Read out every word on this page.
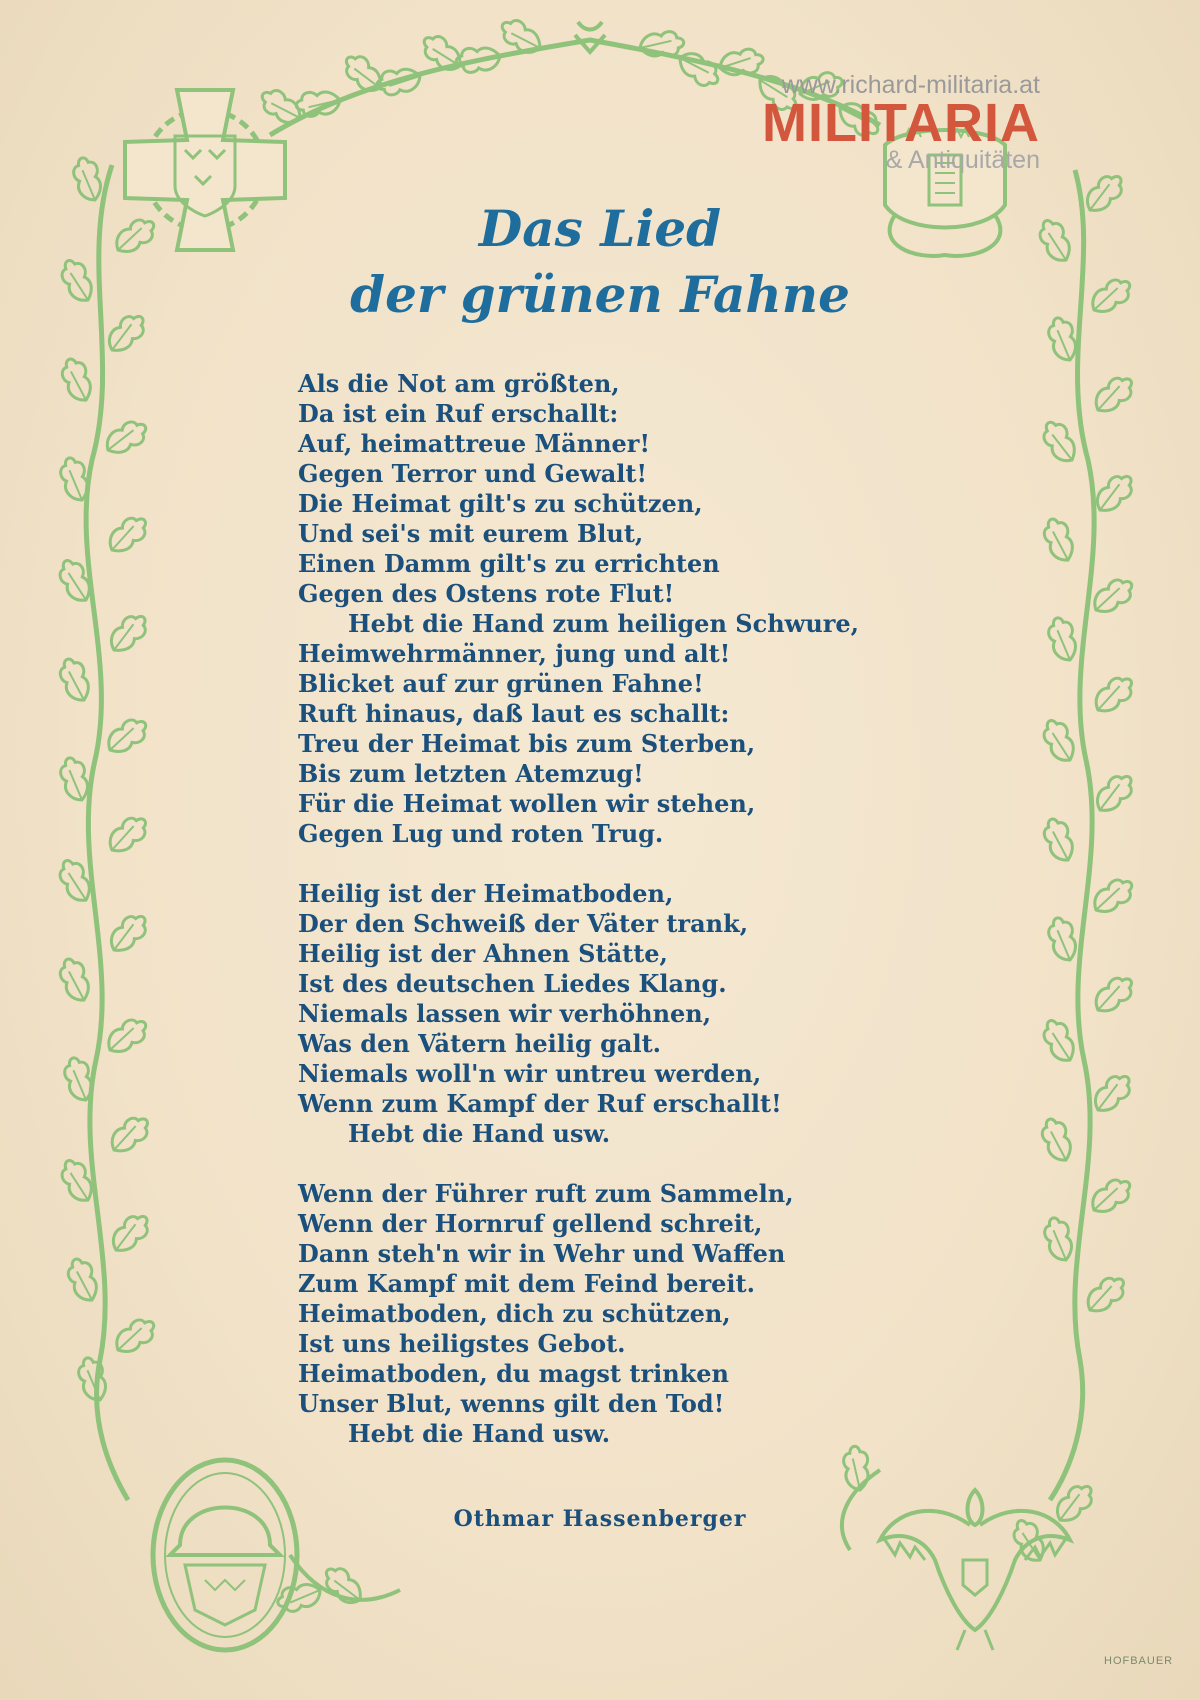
www.richard-militaria.at
MILITARIA
& Antiquitäten
Das Lied
der grünen Fahne
Als die Not am größten,
Da ist ein Ruf erschallt:
Auf, heimattreue Männer!
Gegen Terror und Gewalt!
Die Heimat gilt's zu schützen,
Und sei's mit eurem Blut,
Einen Damm gilt's zu errichten
Gegen des Ostens rote Flut!
Hebt die Hand zum heiligen Schwure,
Heimwehrmänner, jung und alt!
Blicket auf zur grünen Fahne!
Ruft hinaus, daß laut es schallt:
Treu der Heimat bis zum Sterben,
Bis zum letzten Atemzug!
Für die Heimat wollen wir stehen,
Gegen Lug und roten Trug.
Heilig ist der Heimatboden,
Der den Schweiß der Väter trank,
Heilig ist der Ahnen Stätte,
Ist des deutschen Liedes Klang.
Niemals lassen wir verhöhnen,
Was den Vätern heilig galt.
Niemals woll'n wir untreu werden,
Wenn zum Kampf der Ruf erschallt!
Hebt die Hand usw.
Wenn der Führer ruft zum Sammeln,
Wenn der Hornruf gellend schreit,
Dann steh'n wir in Wehr und Waffen
Zum Kampf mit dem Feind bereit.
Heimatboden, dich zu schützen,
Ist uns heiligstes Gebot.
Heimatboden, du magst trinken
Unser Blut, wenns gilt den Tod!
Hebt die Hand usw.
Othmar Hassenberger
HOFBAUER
